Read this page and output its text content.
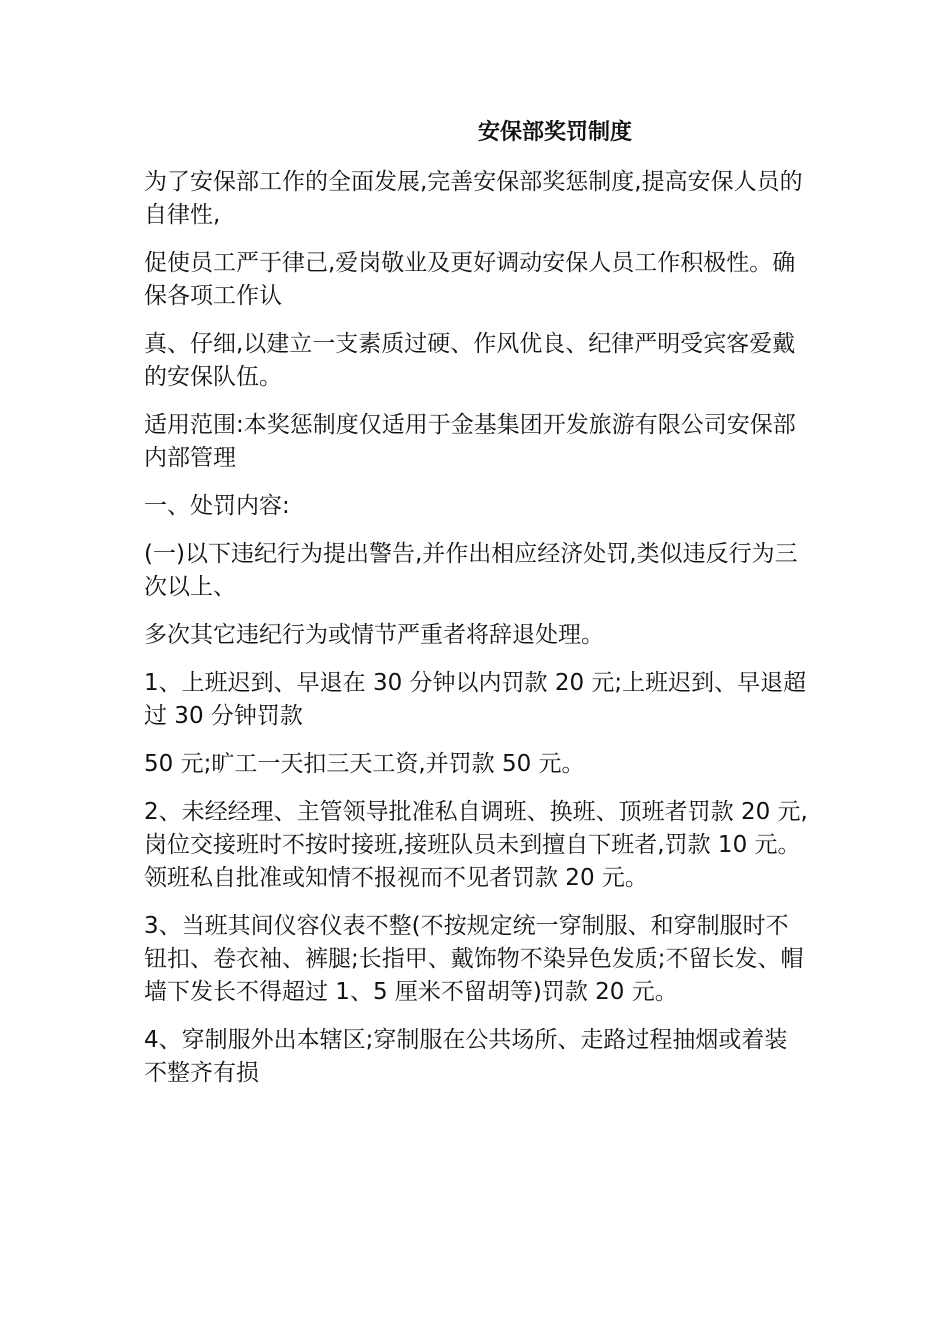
安保部奖罚制度

为了安保部工作的全面发展,完善安保部奖惩制度,提高安保人员的自律性,

促使员工严于律己,爱岗敬业及更好调动安保人员工作积极性。确保各项工作认

真、仔细,以建立一支素质过硬、作风优良、纪律严明受宾客爱戴的安保队伍。

适用范围:本奖惩制度仅适用于金基集团开发旅游有限公司安保部内部管理

一、处罚内容:

(一)以下违纪行为提出警告,并作出相应经济处罚,类似违反行为三次以上、

多次其它违纪行为或情节严重者将辞退处理。

1、上班迟到、早退在 30 分钟以内罚款 20 元;上班迟到、早退超过 30 分钟罚款

50 元;旷工一天扣三天工资,并罚款 50 元。

2、未经经理、主管领导批准私自调班、换班、顶班者罚款 20 元,岗位交接班时不按时接班,接班队员未到擅自下班者,罚款 10 元。领班私自批准或知情不报视而不见者罚款 20 元。

3、当班其间仪容仪表不整(不按规定统一穿制服、和穿制服时不钮扣、卷衣袖、裤腿;长指甲、戴饰物不染异色发质;不留长发、帽墙下发长不得超过 1、5 厘米不留胡等)罚款 20 元。

4、穿制服外出本辖区;穿制服在公共场所、走路过程抽烟或着装不整齐有损
